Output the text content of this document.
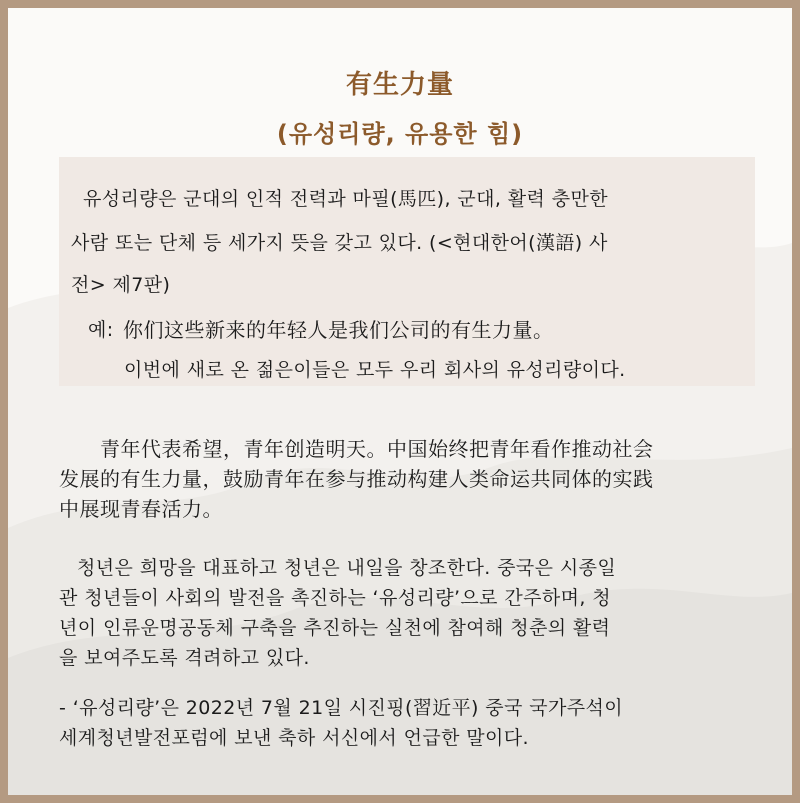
有生力量
(유성리량, 유용한 힘)
유성리량은 군대의 인적 전력과 마필(馬匹), 군대, 활력 충만한
사람 또는 단체 등 세가지 뜻을 갖고 있다. (<현대한어(漢語) 사
전> 제7판)
예: 你们这些新来的年轻人是我们公司的有生力量。
이번에 새로 온 젊은이들은 모두 우리 회사의 유성리량이다.
青年代表希望，青年创造明天。中国始终把青年看作推动社会
发展的有生力量，鼓励青年在参与推动构建人类命运共同体的实践
中展现青春活力。
청년은 희망을 대표하고 청년은 내일을 창조한다. 중국은 시종일
관 청년들이 사회의 발전을 촉진하는 ‘유성리량’으로 간주하며, 청
년이 인류운명공동체 구축을 추진하는 실천에 참여해 청춘의 활력
을 보여주도록 격려하고 있다.
- ‘유성리량’은 2022년 7월 21일 시진핑(習近平) 중국 국가주석이
세계청년발전포럼에 보낸 축하 서신에서 언급한 말이다.
